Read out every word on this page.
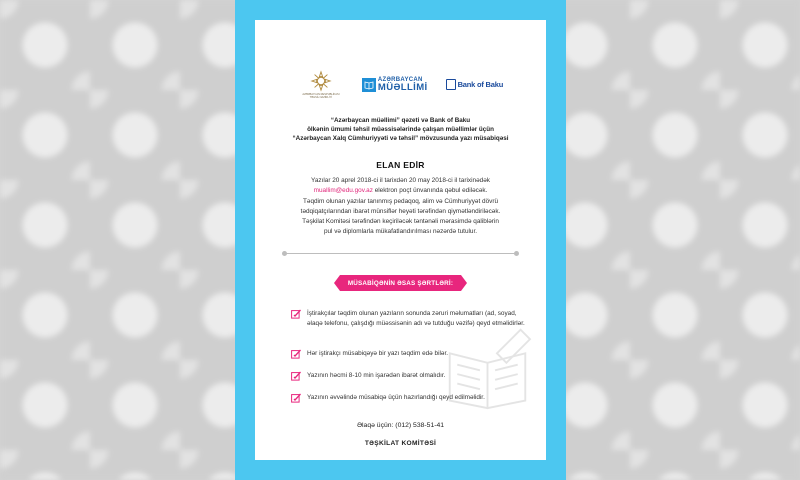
AZƏRBAYCAN RESPUBLİKASI TƏHSİL NAZİRLİYİ
AZƏRBAYCAN
MÜƏLLİMİ	Bank of Baku
“Azərbaycan müəllimi” qəzeti və Bank of Baku
ölkənin ümumi təhsil müəssisələrində çalışan müəllimlər üçün
“Azərbaycan Xalq Cümhuriyyəti və təhsil” mövzusunda yazı müsabiqəsi
ELAN EDİR
Yazılar 20 aprel 2018-ci il tarixdən 20 may 2018-ci il tarixinədək
muallim@edu.gov.az elektron poçt ünvanında qəbul ediləcək.
Təqdim olunan yazılar tanınmış pedaqoq, alim və Cümhuriyyət dövrü
tədqiqatçılarından ibarət münsiflər heyəti tərəfindən qiymətləndiriləcək.
Təşkilat Komitəsi tərəfindən keçiriləcək təntənəli mərasimdə qaliblərin
pul və diplomlarla mükafatlandırılması nəzərdə tutulur.
MÜSABİQƏNİN ƏSAS ŞƏRTLƏRİ:
İştirakçılar təqdim olunan yazıların sonunda zəruri məlumatları (ad, soyad, əlaqə telefonu, çalışdığı müəssisənin adı və tutduğu vəzifə) qeyd etməlidirlər.
Hər iştirakçı müsabiqəyə bir yazı təqdim edə bilər.
Yazının həcmi 8-10 min işarədən ibarət olmalıdır.
Yazının əvvəlində müsabiqə üçün hazırlandığı qeyd edilməlidir.
Əlaqə üçün: (012) 538-51-41
TƏŞKİLAT KOMİTƏSİ
